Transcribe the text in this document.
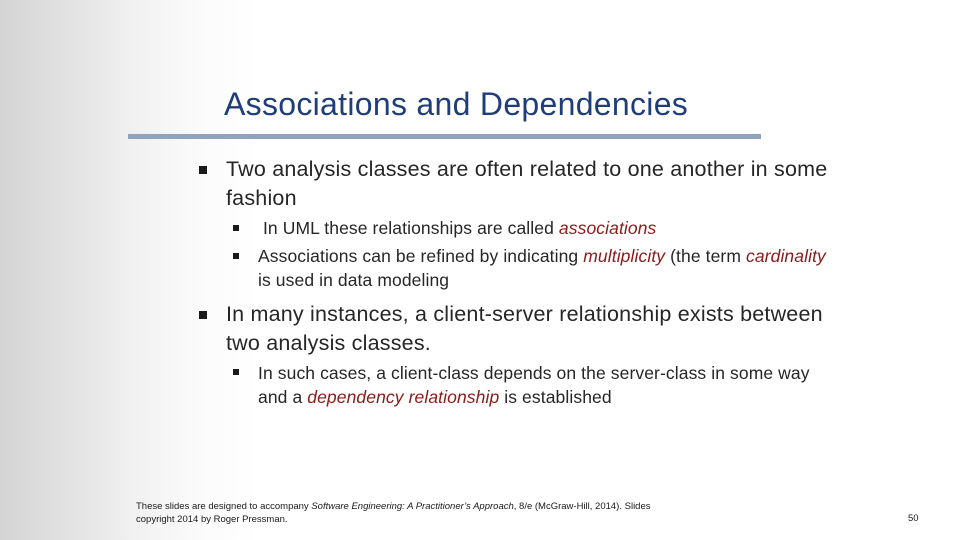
Associations and Dependencies
Two analysis classes are often related to one another in some
fashion
In UML these relationships are called associations
Associations can be refined by indicating multiplicity (the term cardinality
is used in data modeling
In many instances, a client-server relationship exists between
two analysis classes.
In such cases, a client-class depends on the server-class in some way
and a dependency relationship is established
These slides are designed to accompany Software Engineering: A Practitioner’s Approach, 8/e (McGraw-Hill, 2014). Slides
copyright 2014 by Roger Pressman.	50
